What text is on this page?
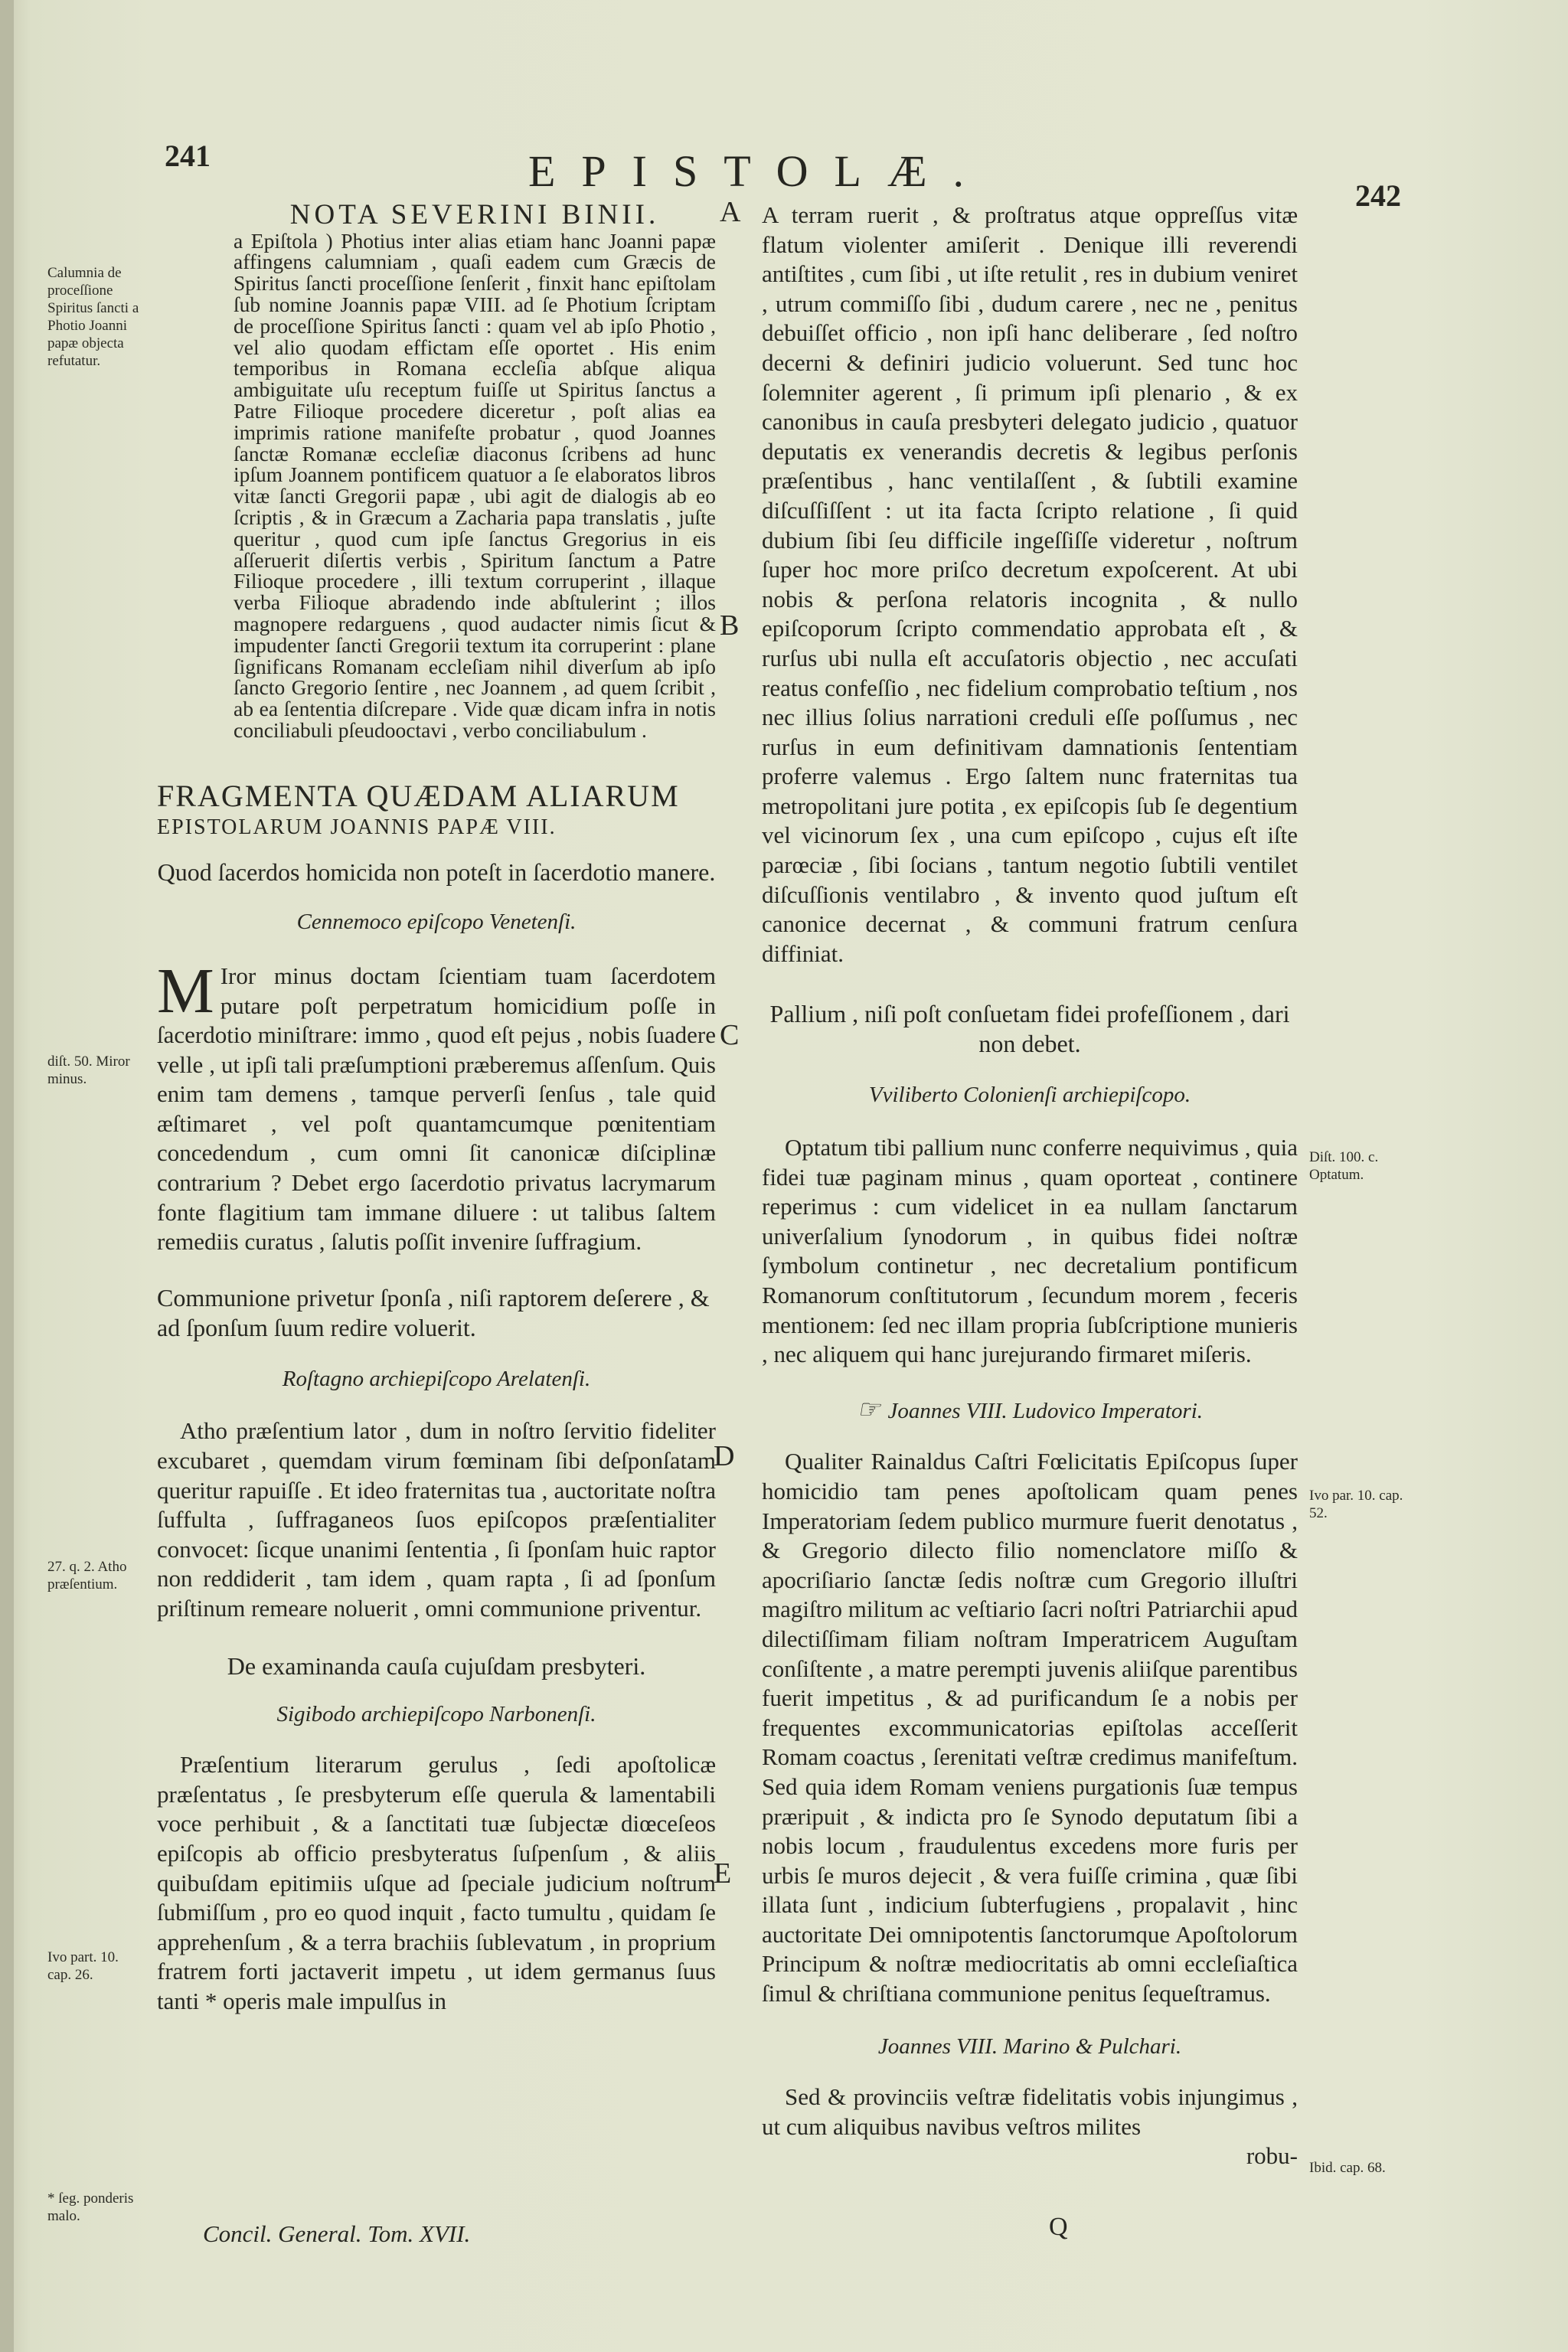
241
242
EPISTOLÆ.

NOTA SEVERINI BINII.

a Epiſtola ) Photius inter alias etiam hanc Joanni papæ affingens calumniam , quaſi eadem cum Græcis de Spiritus ſancti proceſſione ſenſerit , finxit hanc epiſtolam ſub nomine Joannis papæ VIII. ad ſe Photium ſcriptam de proceſſione Spiritus ſancti : quam vel ab ipſo Photio , vel alio quodam effictam eſſe oportet . His enim temporibus in Romana eccleſia abſque aliqua ambiguitate uſu receptum fuiſſe ut Spiritus ſanctus a Patre Filioque procedere diceretur , poſt alias ea imprimis ratione manifeſte probatur , quod Joannes ſanctæ Romanæ eccleſiæ diaconus ſcribens ad hunc ipſum Joannem pontificem quatuor a ſe elaboratos libros vitæ ſancti Gregorii papæ , ubi agit de dialogis ab eo ſcriptis , & in Græcum a Zacharia papa translatis , juſte queritur , quod cum ipſe ſanctus Gregorius in eis aſſeruerit diſertis verbis , Spiritum ſanctum a Patre Filioque procedere , illi textum corruperint , illaque verba Filioque abradendo inde abſtulerint ; illos magnopere redarguens , quod audacter nimis ſicut & impudenter ſancti Gregorii textum ita corruperint : plane ſignificans Romanam eccleſiam nihil diverſum ab ipſo ſancto Gregorio ſentire , nec Joannem , ad quem ſcribit , ab ea ſententia diſcrepare . Vide quæ dicam infra in notis conciliabuli pſeudooctavi , verbo conciliabulum .

FRAGMENTA QUÆDAM ALIARUM

EPISTOLARUM JOANNIS PAPÆ VIII.

Quod ſacerdos homicida non poteſt in ſacerdotio manere.

Cennemoco epiſcopo Venetenſi.

M Iror minus doctam ſcientiam tuam ſacerdotem putare poſt perpetratum homicidium poſſe in ſacerdotio miniſtrare: immo , quod eſt pejus , nobis ſuadere velle , ut ipſi tali præſumptioni præberemus aſſenſum. Quis enim tam demens , tamque perverſi ſenſus , tale quid æſtimaret , vel poſt quantamcumque pœnitentiam concedendum , cum omni ſit canonicæ diſciplinæ contrarium ? Debet ergo ſacerdotio privatus lacrymarum fonte flagitium tam immane diluere : ut talibus ſaltem remediis curatus , ſalutis poſſit invenire ſuffragium.

Communione privetur ſponſa , niſi raptorem deſerere , & ad ſponſum ſuum redire voluerit.

Roſtagno archiepiſcopo Arelatenſi.

Atho præſentium lator , dum in noſtro ſervitio fideliter excubaret , quemdam virum fœminam ſibi deſponſatam queritur rapuiſſe . Et ideo fraternitas tua , auctoritate noſtra ſuffulta , ſuffraganeos ſuos epiſcopos præſentialiter convocet: ſicque unanimi ſententia , ſi ſponſam huic raptor non reddiderit , tam idem , quam rapta , ſi ad ſponſum priſtinum remeare noluerit , omni communione priventur.

De examinanda cauſa cujuſdam presbyteri.

Sigibodo archiepiſcopo Narbonenſi.

Præſentium literarum gerulus , ſedi apoſtolicæ præſentatus , ſe presbyterum eſſe querula & lamentabili voce perhibuit , & a ſanctitati tuæ ſubjectæ diœceſeos epiſcopis ab officio presbyteratus ſuſpenſum , & aliis quibuſdam epitimiis uſque ad ſpeciale judicium noſtrum ſubmiſſum , pro eo quod inquit , facto tumultu , quidam ſe apprehenſum , & a terra brachiis ſublevatum , in proprium fratrem forti jactaverit impetu , ut idem germanus ſuus tanti * operis male impulſus in

Concil. General. Tom. XVII.

A terram ruerit , & proſtratus atque oppreſſus vitæ flatum violenter amiſerit . Denique illi reverendi antiſtites , cum ſibi , ut iſte retulit , res in dubium veniret , utrum commiſſo ſibi , dudum carere , nec ne , penitus debuiſſet officio , non ipſi hanc deliberare , ſed noſtro decerni & definiri judicio voluerunt. Sed tunc hoc ſolemniter agerent , ſi primum ipſi plenario , & ex canonibus in cauſa presbyteri delegato judicio , quatuor deputatis ex venerandis decretis & legibus perſonis præſentibus , hanc ventilaſſent , & ſubtili examine diſcuſſiſſent : ut ita facta ſcripto relatione , ſi quid dubium ſibi ſeu difficile ingeſſiſſe videretur , noſtrum ſuper hoc more priſco decretum expoſcerent. At ubi nobis & perſona relatoris incognita , & nullo epiſcoporum ſcripto commendatio approbata eſt , & rurſus ubi nulla eſt accuſatoris objectio , nec accuſati reatus confeſſio , nec fidelium comprobatio teſtium , nos nec illius ſolius narrationi creduli eſſe poſſumus , nec rurſus in eum definitivam damnationis ſententiam proferre valemus . Ergo ſaltem nunc fraternitas tua metropolitani jure potita , ex epiſcopis ſub ſe degentium vel vicinorum ſex , una cum epiſcopo , cujus eſt iſte parœciæ , ſibi ſocians , tantum negotio ſubtili ventilet diſcuſſionis ventilabro , & invento quod juſtum eſt canonice decernat , & communi fratrum cenſura diffiniat.

Pallium , niſi poſt conſuetam fidei profeſſionem , dari non debet.

Vviliberto Colonienſi archiepiſcopo.

Optatum tibi pallium nunc conferre nequivimus , quia fidei tuæ paginam minus , quam oporteat , continere reperimus : cum videlicet in ea nullam ſanctarum univerſalium ſynodorum , in quibus fidei noſtræ ſymbolum continetur , nec decretalium pontificum Romanorum conſtitutorum , ſecundum morem , feceris mentionem: ſed nec illam propria ſubſcriptione munieris , nec aliquem qui hanc jurejurando firmaret miſeris.

☞ Joannes VIII. Ludovico Imperatori.

Qualiter Rainaldus Caſtri Fœlicitatis Epiſcopus ſuper homicidio tam penes apoſtolicam quam penes Imperatoriam ſedem publico murmure fuerit denotatus , & Gregorio dilecto filio nomenclatore miſſo & apocriſiario ſanctæ ſedis noſtræ cum Gregorio illuſtri magiſtro militum ac veſtiario ſacri noſtri Patriarchii apud dilectiſſimam filiam noſtram Imperatricem Auguſtam conſiſtente , a matre perempti juvenis aliiſque parentibus fuerit impetitus , & ad purificandum ſe a nobis per frequentes excommunicatorias epiſtolas acceſſerit Romam coactus , ſerenitati veſtræ credimus manifeſtum. Sed quia idem Romam veniens purgationis ſuæ tempus præripuit , & indicta pro ſe Synodo deputatum ſibi a nobis locum , fraudulentus excedens more furis per urbis ſe muros dejecit , & vera fuiſſe crimina , quæ ſibi illata ſunt , indicium ſubterfugiens , propalavit , hinc auctoritate Dei omnipotentis ſanctorumque Apoſtolorum Principum & noſtræ mediocritatis ab omni eccleſiaſtica ſimul & chriſtiana communione penitus ſequeſtramus.

Joannes VIII. Marino & Pulchari.

Sed & provinciis veſtræ fidelitatis vobis injungimus , ut cum aliquibus navibus veſtros milites

robu-

Q
Calumnia de proceſſione Spiritus ſancti a Photio Joanni papæ objecta refutatur.
diſt. 50. Miror minus.
27. q. 2. Atho præſentium.
Ivo part. 10. cap. 26.
* ſeg. ponderis malo.
Diſt. 100. c. Optatum.
Ivo par. 10. cap. 52.
Ibid. cap. 68.
A
B
C
D
E
